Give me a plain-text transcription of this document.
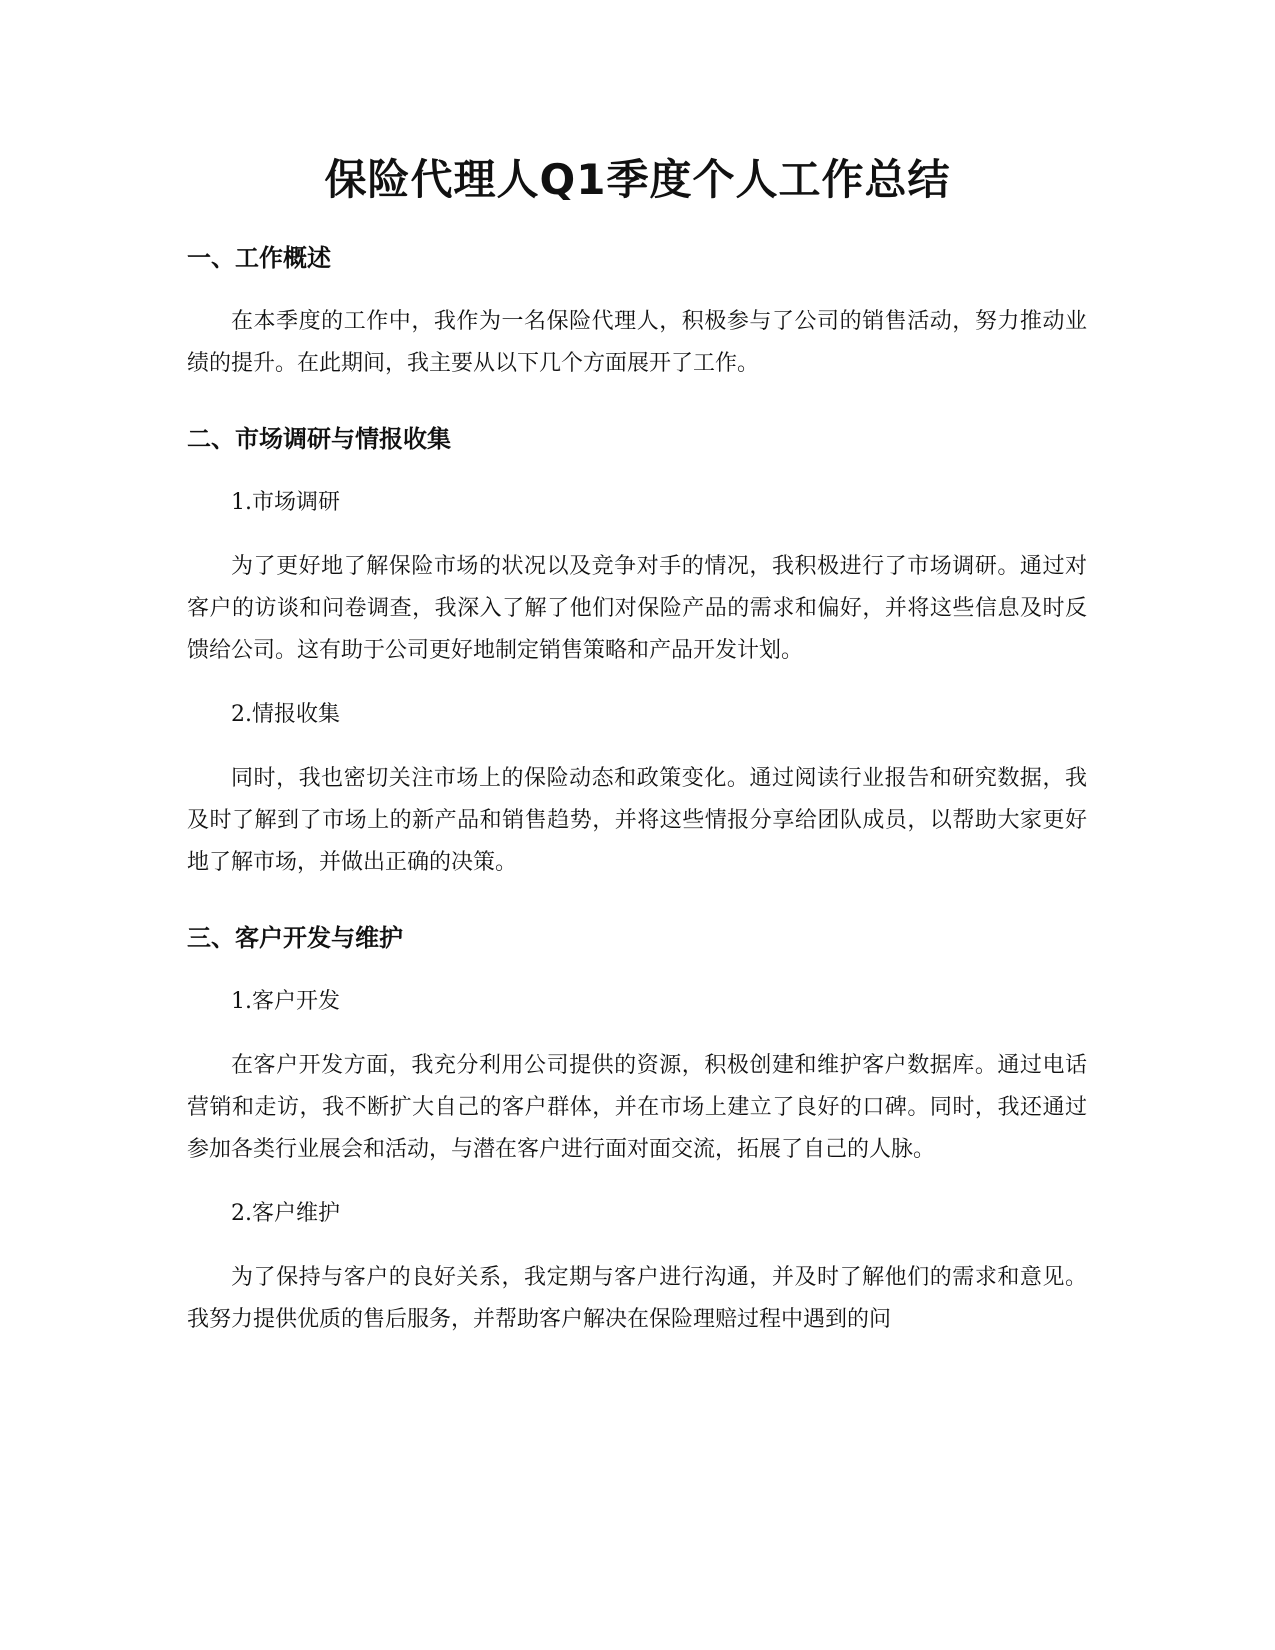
保险代理人Q1季度个人工作总结
一、工作概述

在本季度的工作中，我作为一名保险代理人，积极参与了公司的销售活动，努力推动业绩的提升。在此期间，我主要从以下几个方面展开了工作。

二、市场调研与情报收集

1.市场调研

为了更好地了解保险市场的状况以及竞争对手的情况，我积极进行了市场调研。通过对客户的访谈和问卷调查，我深入了解了他们对保险产品的需求和偏好，并将这些信息及时反馈给公司。这有助于公司更好地制定销售策略和产品开发计划。

2.情报收集

同时，我也密切关注市场上的保险动态和政策变化。通过阅读行业报告和研究数据，我及时了解到了市场上的新产品和销售趋势，并将这些情报分享给团队成员，以帮助大家更好地了解市场，并做出正确的决策。

三、客户开发与维护

1.客户开发

在客户开发方面，我充分利用公司提供的资源，积极创建和维护客户数据库。通过电话营销和走访，我不断扩大自己的客户群体，并在市场上建立了良好的口碑。同时，我还通过参加各类行业展会和活动，与潜在客户进行面对面交流，拓展了自己的人脉。

2.客户维护

为了保持与客户的良好关系，我定期与客户进行沟通，并及时了解他们的需求和意见。我努力提供优质的售后服务，并帮助客户解决在保险理赔过程中遇到的问
